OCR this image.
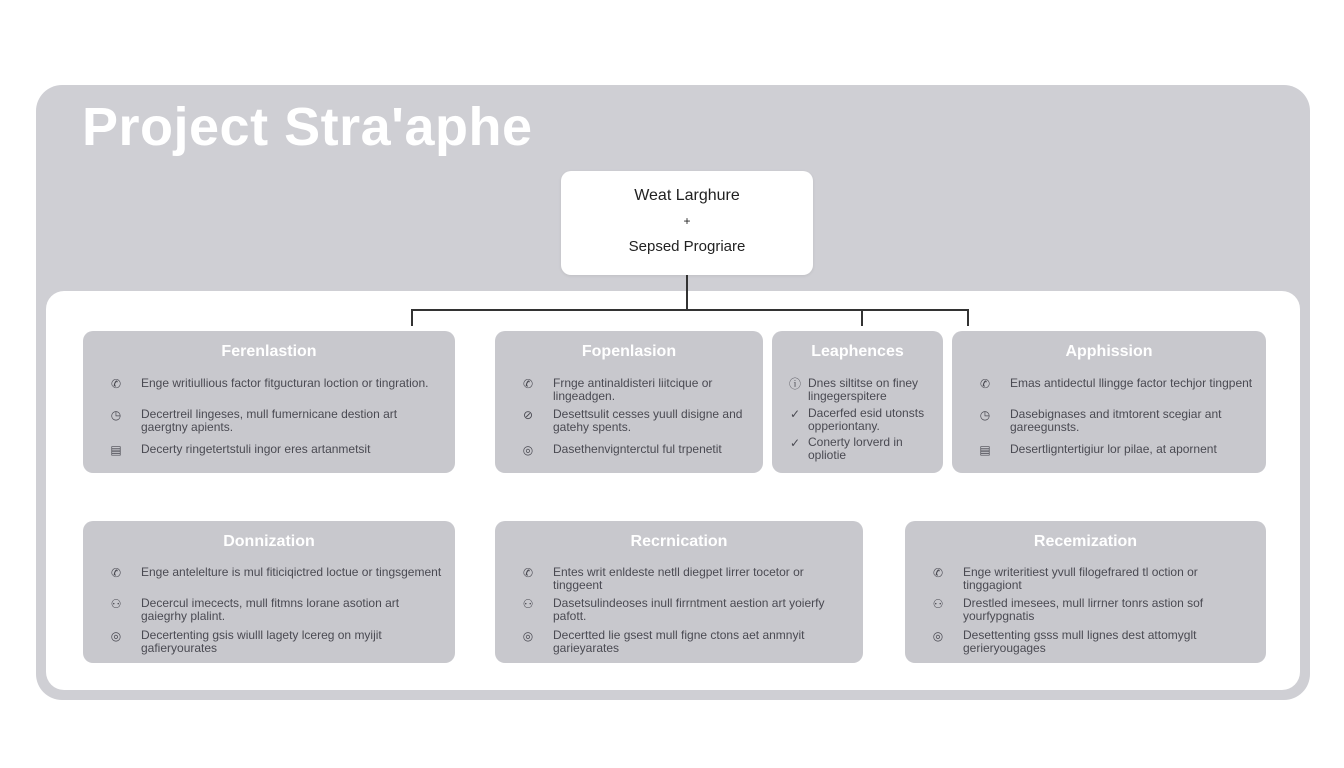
Project Stra'aphe
Weat Larghure
+
Sepsed Progriare
Ferenlastion
✆ Enge writiullious factor fitgucturan loction or tingration.
◷ Decertreil lingeses, mull fumernicane destion art gaergtny apients.
▤ Decerty ringetertstuli ingor eres artanmetsit
Fopenlasion
✆ Frnge antinaldisteri liitcique or lingeadgen.
⊘ Desettsulit cesses yuull disigne and gatehy spents.
◎ Dasethenvignterctul ful trpenetit
Leaphences
ⓘ Dnes siltitse on finey lingegerspitere
✓ Dacerfed esid utonsts opperiontany.
✓ Conerty lorverd in opliotie
Apphission
✆ Emas antidectul llingge factor techjor tingpent
◷ Dasebignases and itmtorent scegiar ant gareegunsts.
▤ Desertligntertigiur lor pilae, at apornent
Donnization
✆ Enge antelelture is mul fiticiqictred loctue or tingsgement
⚇ Decercul imecects, mull fitmns lorane asotion art gaiegrhy plalint.
◎ Decertenting gsis wiulll lagety lcereg on myijit gafieryourates
Recrnication
✆ Entes writ enldeste netll diegpet lirrer tocetor or tinggeent
⚇ Dasetsulindeoses inull firrntment aestion art yoierfy pafott.
◎ Decertted lie gsest mull figne ctons aet anmnyit garieyarates
Recemization
✆ Enge writeritiest yvull filogefrared tl oction or tinggagiont
⚇ Drestled imesees, mull lirrner tonrs astion sof yourfypgnatis
◎ Desettenting gsss mull lignes dest attomyglt gerieryougages
